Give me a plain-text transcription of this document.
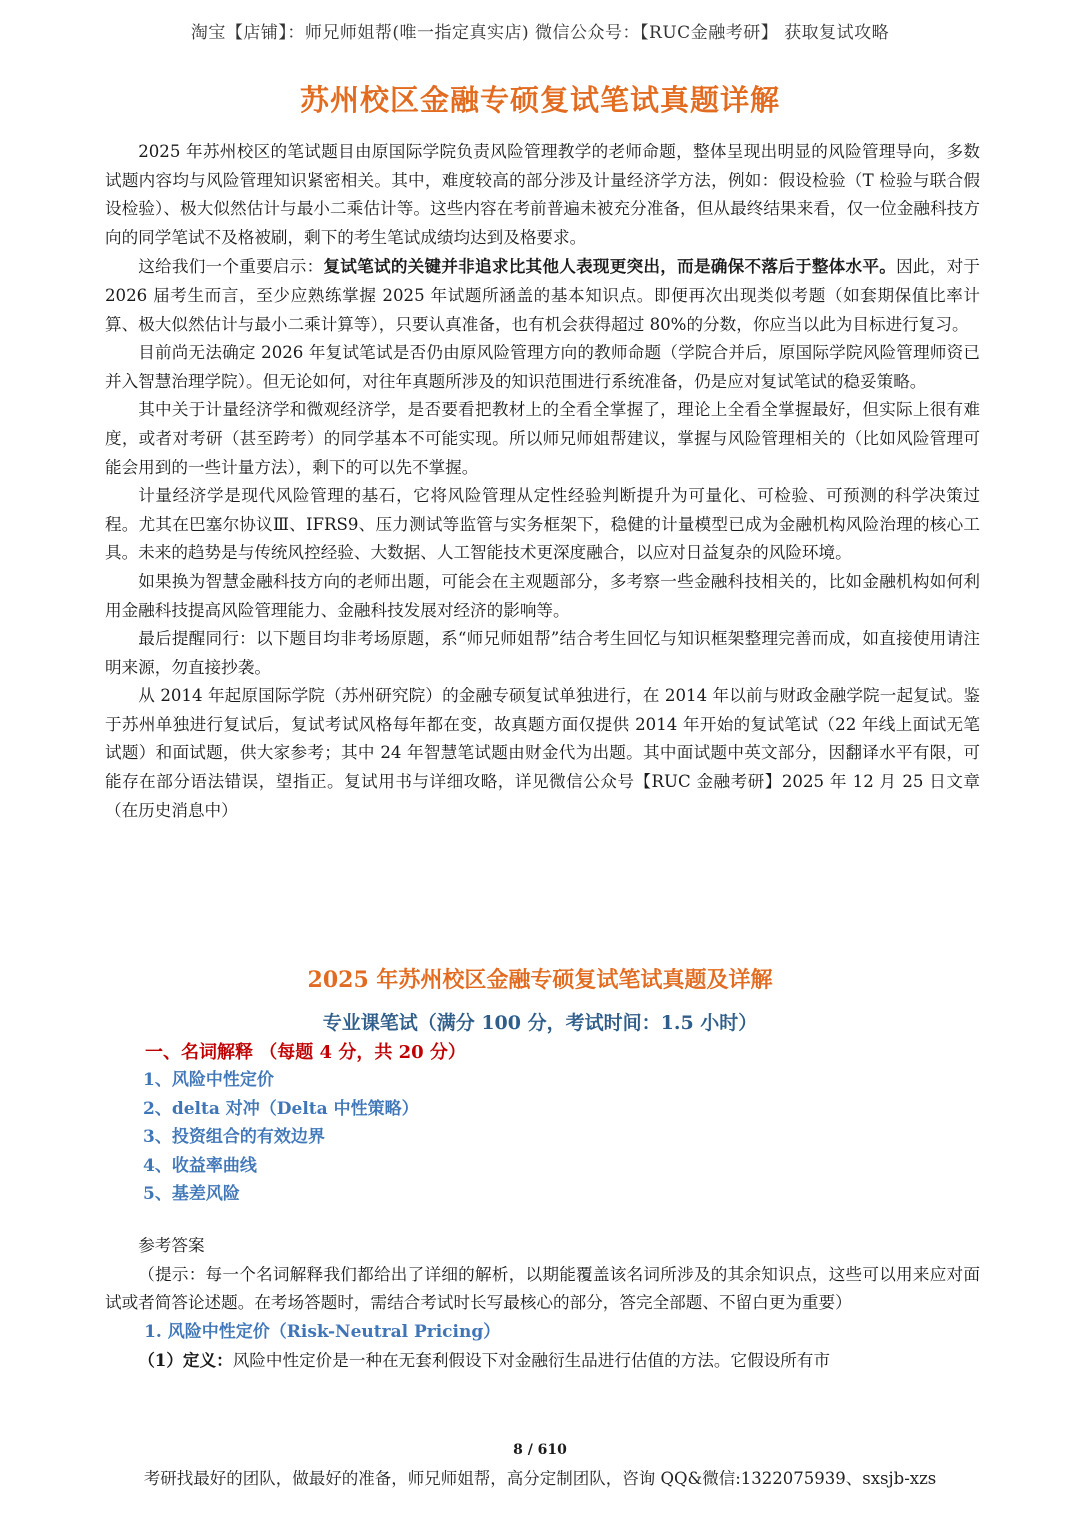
淘宝【店铺】：师兄师姐帮(唯一指定真实店) 微信公众号：【RUC金融考研】 获取复试攻略
苏州校区金融专硕复试笔试真题详解

2025 年苏州校区的笔试题目由原国际学院负责风险管理教学的老师命题，整体呈现出明显的风险管理导向，多数试题内容均与风险管理知识紧密相关。其中，难度较高的部分涉及计量经济学方法，例如：假设检验（T 检验与联合假设检验）、极大似然估计与最小二乘估计等。这些内容在考前普遍未被充分准备，但从最终结果来看，仅一位金融科技方向的同学笔试不及格被刷，剩下的考生笔试成绩均达到及格要求。

这给我们一个重要启示：复试笔试的关键并非追求比其他人表现更突出，而是确保不落后于整体水平。因此，对于 2026 届考生而言，至少应熟练掌握 2025 年试题所涵盖的基本知识点。即便再次出现类似考题（如套期保值比率计算、极大似然估计与最小二乘计算等），只要认真准备，也有机会获得超过 80%的分数，你应当以此为目标进行复习。

目前尚无法确定 2026 年复试笔试是否仍由原风险管理方向的教师命题（学院合并后，原国际学院风险管理师资已并入智慧治理学院）。但无论如何，对往年真题所涉及的知识范围进行系统准备，仍是应对复试笔试的稳妥策略。

其中关于计量经济学和微观经济学，是否要看把教材上的全看全掌握了，理论上全看全掌握最好，但实际上很有难度，或者对考研（甚至跨考）的同学基本不可能实现。所以师兄师姐帮建议，掌握与风险管理相关的（比如风险管理可能会用到的一些计量方法），剩下的可以先不掌握。

计量经济学是现代风险管理的基石，它将风险管理从定性经验判断提升为可量化、可检验、可预测的科学决策过程。尤其在巴塞尔协议Ⅲ、IFRS9、压力测试等监管与实务框架下，稳健的计量模型已成为金融机构风险治理的核心工具。未来的趋势是与传统风控经验、大数据、人工智能技术更深度融合，以应对日益复杂的风险环境。

如果换为智慧金融科技方向的老师出题，可能会在主观题部分，多考察一些金融科技相关的，比如金融机构如何利用金融科技提高风险管理能力、金融科技发展对经济的影响等。

最后提醒同行：以下题目均非考场原题，系“师兄师姐帮”结合考生回忆与知识框架整理完善而成，如直接使用请注明来源，勿直接抄袭。

从 2014 年起原国际学院（苏州研究院）的金融专硕复试单独进行，在 2014 年以前与财政金融学院一起复试。鉴于苏州单独进行复试后，复试考试风格每年都在变，故真题方面仅提供 2014 年开始的复试笔试（22 年线上面试无笔试题）和面试题，供大家参考；其中 24 年智慧笔试题由财金代为出题。其中面试题中英文部分，因翻译水平有限，可能存在部分语法错误，望指正。复试用书与详细攻略，详见微信公众号【RUC 金融考研】2025 年 12 月 25 日文章（在历史消息中）

2025 年苏州校区金融专硕复试笔试真题及详解
专业课笔试（满分 100 分，考试时间：1.5 小时）
一、名词解释 （每题 4 分，共 20 分）
1、风险中性定价
2、delta 对冲（Delta 中性策略）
3、投资组合的有效边界
4、收益率曲线
5、基差风险

参考答案

（提示：每一个名词解释我们都给出了详细的解析，以期能覆盖该名词所涉及的其余知识点，这些可以用来应对面试或者简答论述题。在考场答题时，需结合考试时长写最核心的部分，答完全部题、不留白更为重要）

1. 风险中性定价（Risk-Neutral Pricing）

（1）定义：风险中性定价是一种在无套利假设下对金融衍生品进行估值的方法。它假设所有市

8 / 610
考研找最好的团队，做最好的准备，师兄师姐帮，高分定制团队，咨询 QQ&微信:1322075939、sxsjb-xzs
